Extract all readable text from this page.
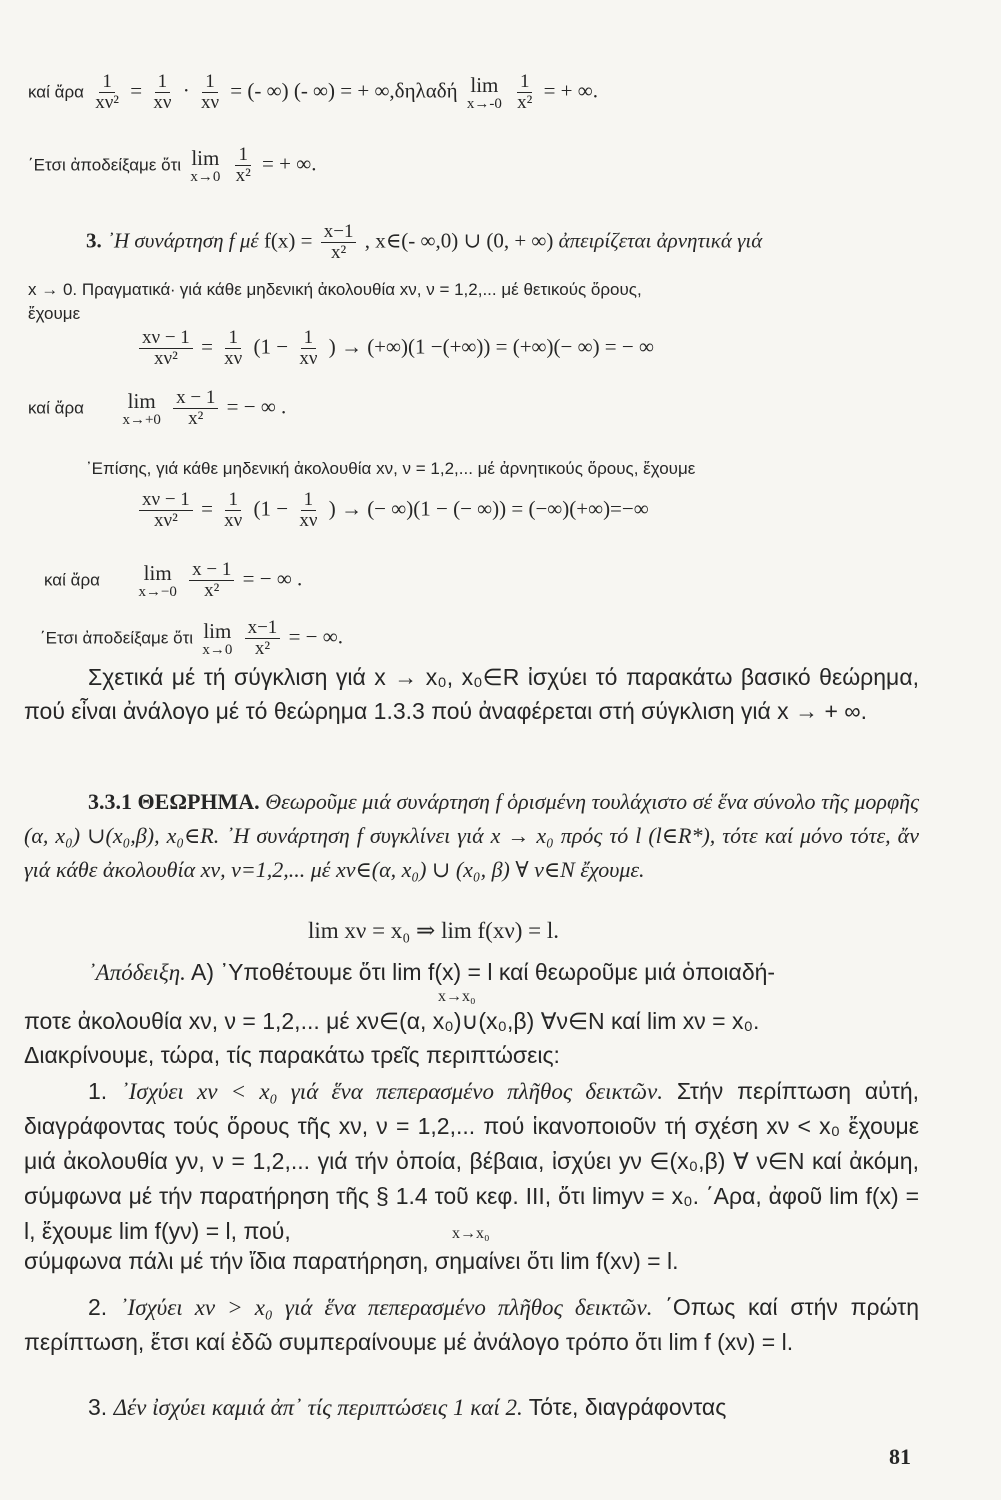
καί ἄρα $\frac{1}{\text{xν²}} = \frac{1}{x\nu} \cdot \frac{1}{x\nu}$ = (- ∞) (- ∞) = + ∞,δηλαδή lim
x→-0
$\frac{1}{\text{x²}}$ = + ∞.
΄Ετσι ἀποδείξαμε ὅτι lim
x→0
$\frac{1}{\text{x²}}$ = + ∞.
3. ᾿Η συνάρτηση f μέ $f(x) = \frac{x-1}{\text{x²}}$ , x∈(- ∞,0) ∪ (0, + ∞) ἀπειρίζεται ἀρνητικά γιά
x → 0. Πραγματικά· γιά κάθε μηδενική ἀκολουθία xν, ν = 1,2,... μέ θετικούς ὅρους,
ἔχουμε
$\frac{x\nu - 1}{\text{xν²}} = \frac{1}{x\nu} (1 - \frac{1}{x\nu}$ ) → (+∞)(1 −(+∞)) = (+∞)(− ∞) = − ∞
καί ἄρα lim
x→+0
$\frac{x - 1}{\text{x²}}$ = − ∞ .
᾿Επίσης, γιά κάθε μηδενική ἀκολουθία xν, ν = 1,2,... μέ ἀρνητικούς ὅρους, ἔχουμε
$\frac{x\nu - 1}{\text{xν²}} = \frac{1}{x\nu} (1 - \frac{1}{x\nu}$ ) → (− ∞)(1 − (− ∞)) = (−∞)(+∞)=−∞
καί ἄρα lim
x→−0
$\frac{x - 1}{\text{x²}}$ = − ∞ .
΄Ετσι ἀποδείξαμε ὅτι lim
x→0
$\frac{x-1}{\text{x²}}$ = − ∞.

Σχετικά μέ τή σύγκλιση γιά x → x₀, x₀∈R ἰσχύει τό παρακάτω βασικό θεώρημα, πού εἶναι ἀνάλογο μέ τό θεώρημα 1.3.3 πού ἀναφέρεται στή σύγκλιση γιά x → + ∞.

3.3.1 ΘΕΩΡΗΜΑ. Θεωροῦμε μιά συνάρτηση f ὁρισμένη τουλάχιστο σέ ἕνα σύνολο τῆς μορφῆς (α, x₀) ∪(x₀,β), x₀∈R. ᾿Η συνάρτηση f συγκλίνει γιά x → x₀ πρός τό l (l∈R*), τότε καί μόνο τότε, ἄν γιά κάθε ἀκολουθία xν, ν=1,2,... μέ xν∈(α, x₀) ∪ (x₀, β) ∀ ν∈N ἔχουμε.

lim xν = x₀ ⇒ lim f(xν) = l.
᾿Απόδειξη. Α) ᾿Υποθέτουμε ὅτι lim f(x) = l καί θεωροῦμε μιά ὁποιαδή-
x→x₀
ποτε ἀκολουθία xν, ν = 1,2,... μέ xν∈(α, x₀)∪(x₀,β) ∀ν∈N καί lim xν = x₀.
Διακρίνουμε, τώρα, τίς παρακάτω τρεῖς περιπτώσεις:

1. ᾿Ισχύει xν < x₀ γιά ἕνα πεπερασμένο πλῆθος δεικτῶν. Στήν περίπτωση αὐτή, διαγράφοντας τούς ὅρους τῆς xν, ν = 1,2,... πού ἱκανοποιοῦν τή σχέση xν < x₀ ἔχουμε μιά ἀκολουθία yν, ν = 1,2,... γιά τήν ὁποία, βέβαια, ἰσχύει yν ∈(x₀,β) ∀ ν∈N καί ἀκόμη, σύμφωνα μέ τήν παρατήρηση τῆς § 1.4 τοῦ κεφ. III, ὅτι limyν = x₀. ΄Αρα, ἀφοῦ lim f(x) = l, ἔχουμε lim f(yν) = l, πού,	x→x₀
σύμφωνα πάλι μέ τήν ἴδια παρατήρηση, σημαίνει ὅτι lim f(xν) = l.

2. ᾿Ισχύει xν > x₀ γιά ἕνα πεπερασμένο πλῆθος δεικτῶν. ΄Οπως καί στήν πρώτη περίπτωση, ἔτσι καί ἐδῶ συμπεραίνουμε μέ ἀνάλογο τρόπο ὅτι lim f (xν) = l.

3. Δέν ἰσχύει καμιά ἀπ᾿ τίς περιπτώσεις 1 καί 2. Τότε, διαγράφοντας

81
